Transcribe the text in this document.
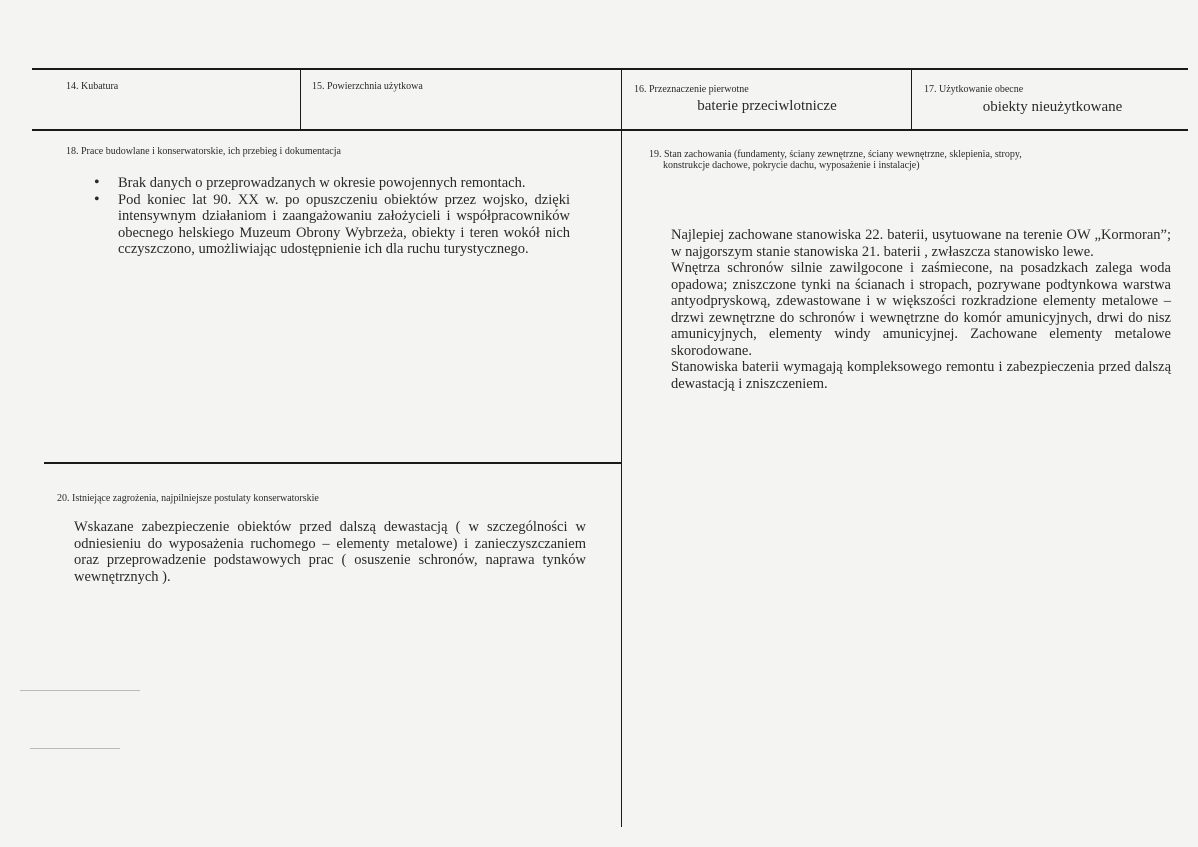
14. Kubatura	15. Powierzchnia użytkowa	16. Przeznaczenie pierwotne
baterie przeciwlotnicze
17. Użytkowanie obecne
obiekty nieużytkowane
18. Prace budowlane i konserwatorskie, ich przebieg i dokumentacja
• Brak danych o przeprowadzanych w okresie powojennych remontach.
• Pod koniec lat 90. XX w. po opuszczeniu obiektów przez wojsko, dzięki intensywnym działaniom i zaangażowaniu założycieli i współpracowników obecnego helskiego Muzeum Obrony Wybrzeża, obiekty i teren wokół nich cczyszczono, umożliwiając udostępnienie ich dla ruchu turystycznego.
19. Stan zachowania (fundamenty, ściany zewnętrzne, ściany wewnętrzne, sklepienia, stropy,
konstrukcje dachowe, pokrycie dachu, wyposażenie i instalacje)
Najlepiej zachowane stanowiska 22. baterii, usytuowane na terenie OW „Kormoran”; w najgorszym stanie stanowiska 21. baterii , zwłaszcza stanowisko lewe.
Wnętrza schronów silnie zawilgocone i zaśmiecone, na posadzkach zalega woda opadowa; zniszczone tynki na ścianach i stropach, pozrywane podtynkowa warstwa antyodpryskową, zdewastowane i w większości rozkradzione elementy metalowe – drzwi zewnętrzne do schronów i wewnętrzne do komór amunicyjnych, drwi do nisz amunicyjnych, elementy windy amunicyjnej. Zachowane elementy metalowe skorodowane.
Stanowiska baterii wymagają kompleksowego remontu i zabezpieczenia przed dalszą dewastacją i zniszczeniem.
20. Istniejące zagrożenia, najpilniejsze postulaty konserwatorskie
Wskazane zabezpieczenie obiektów przed dalszą dewastacją ( w szczególności w odniesieniu do wyposażenia ruchomego – elementy metalowe) i zanieczyszczaniem oraz przeprowadzenie podstawowych prac ( osuszenie schronów, naprawa tynków wewnętrznych ).
